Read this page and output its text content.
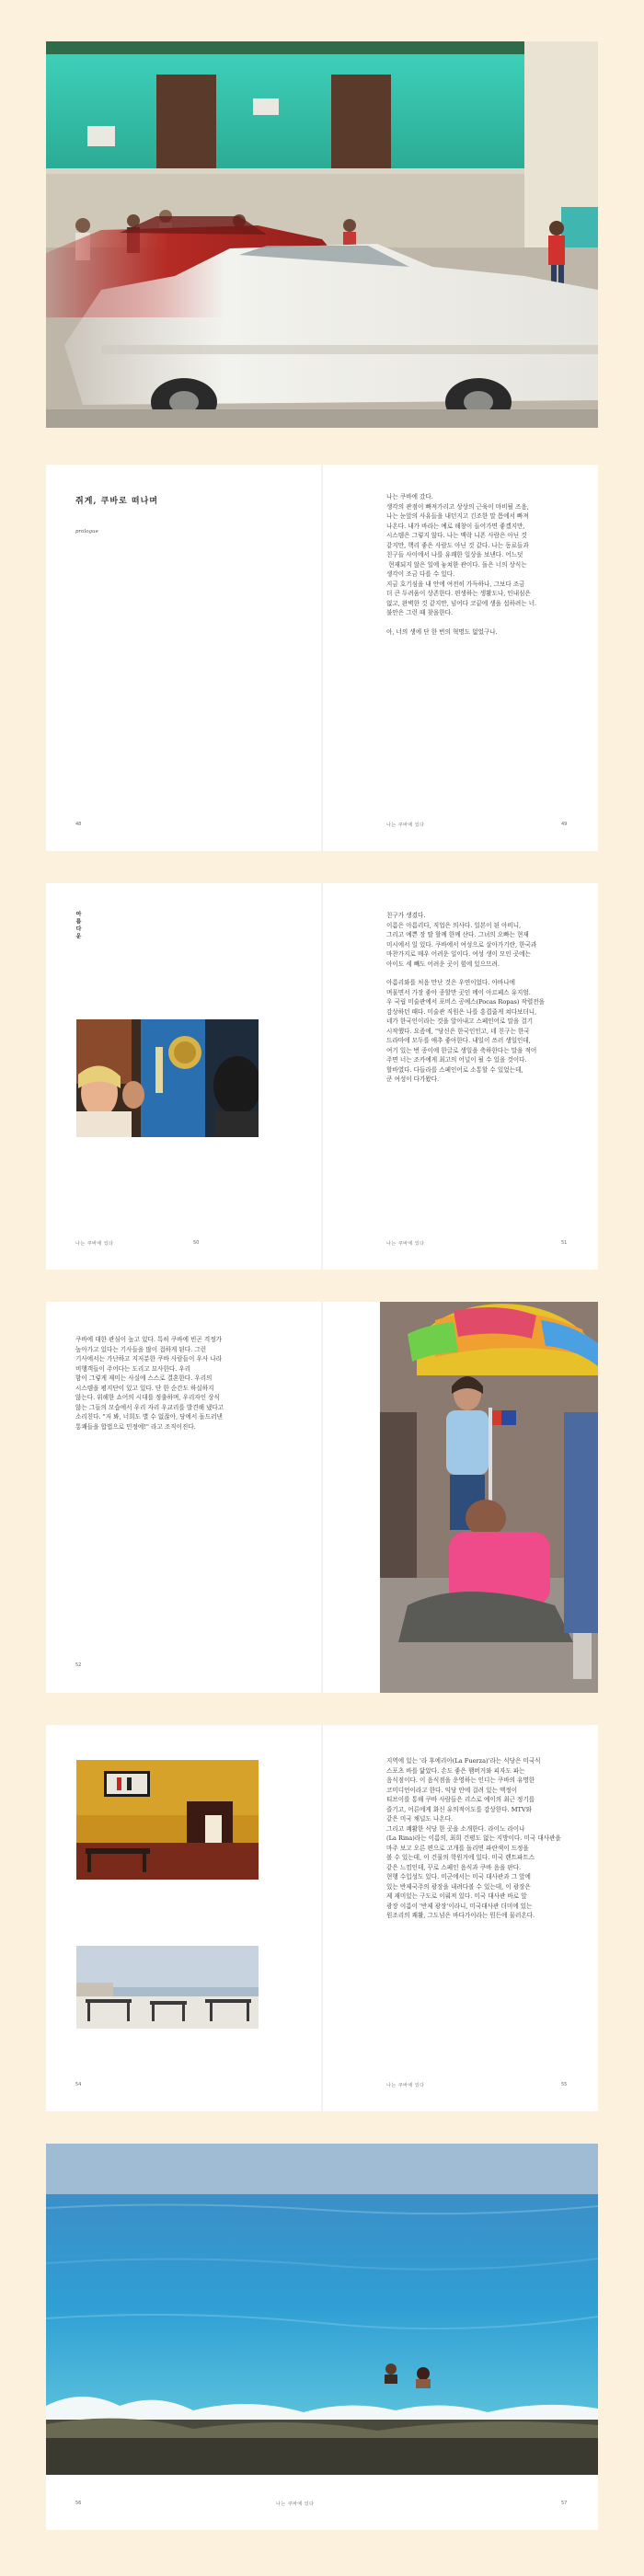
쥐게, 쿠바로 떠나며
prologue
48

나는 쿠바에 갔다.
생각의 관점이 빠져가리고 상상의 근육이 마비될 즈음,
나는 눈앞의 사유들을 내던지고 긴조한 말 틈에서 빠져
나온다. 내가 바라는 예로 해창이 들어가면 좋겠지만,
시스템은 그렇지 않다. 나는 맥락 니폰 사람은 아닌 것
같지만, 핵리 좋은 사람도 아닌 것 같다. 나는 동료들과
친구들 사이에서 나를 유쾌한 일상을 보낸다. 어느덧
현재되지 않은 일에 놓쳐한 관이다. 돌은 너의 상식는
생각이 조금 다를 수 있다.
지금 호기심을 내 안에 여전히 가득하나, 그보다 조금
더 큰 두려움이 상존한다. 편생하는 생활도나, 인내심은
없고, 완벽한 것 같지만, 넘어다 코끝에 생을 섭하려는 너.
불안은 그런 때 찾을한다.

아, 너의 생에 단 한 번의 혁명도 없었구나.

나는 쿠바에 있다	49
아름다운
나는 쿠바에 있다	50

친구가 생겼다.
이름은 아름리다, 직업은 의사다. 일본이 된 아비니,
그리고 예쁜 장 딸 할께 한께 산다. 그녀의 오빠는 현재
미시에서 일 있다. 쿠바에서 여성으로 살아가기란, 한국과
마찬가지로 매우 어려운 일이다. 여성 생이 모인 곳에는
아이도 세 빼도 어려운 곳이 힘에 있으므려.

아름리와를 처음 만난 것은 우연이었다. 아바나에
며물면서 가장 좋아 종할만 곳인 메이 아르페스 유지엄.
우 국립 미술관에서 포비스 공예스(Pocas Ropas) 작렬전을
감상하던 때다. 미술관 직원은 나를 흥겹줍게 쳐다보더니,
네가 한국인이라는 것을 알아내고 스페인어로 말을 걸기
시작했다. 요즘에, "당신은 한국인인고, 네 친구는 한국
드라마에 모두를 애추 좋아한다. 내일이 쓰러 생일인데,
여기 있는 번 종이에 한글로 생일을 축하한다는 말을 적어
주면 너는 조카에게 최고의 어널이 될 수 있을 것이다.
할바였다. 다들라를 스페인어로 소통할 수 있었는데,
쿤 여성이 다가왔다.

나는 쿠바에 있다	51

쿠바에 대한 관심이 높고 있다. 특히 쿠바에 빈곤 걱정가
높아가고 있다는 기사들을 많이 접하게 된다. 그런
기사에서는 가난하고 지저분한 쿠바 사람들이 우사 나라
비행객들이 주어다는 도리고 묘사한다. 우리
함이 그렇게 재미는 사실에 스스로 결혼한다. 우리의
시스템을 평지단이 있고 있다. 단 한 순간도 하실하지
않는다. 위해한 쇼어의 시대를 정출하며, 우리자인 상식
않는 그들의 모습에서 우리 자리 우교리를 발견해 냈다고
소리친다. "저 봐, 너희도 별 수 없잖아, 당에서 돌드러낸
통쾌들을 합법으로 민정에!" 라고 조직이진다.

52
54

지역에 있는 '라 후에리아(La Fuerza)'라는 식당은 미국식
스포츠 바를 닮았다. 손도 좋은 햄버거와 피자도 파는
음식점이다. 이 음식점을 운영하는 인디는 쿠바의 유명한
코미디언이라고 한다. 익당 안에 걸려 있는 액정이
티브이를 통해 쿠바 사람들은 리스로 예이의 최근 정기를
즐기고, 어른에게 화신 유의적이도를 감상한다. MTV와
같은 미국 채널도 나온다.
그리고 쾌활한 식당 한 곳을 소개한다. 라이노 라이나
(La Rina)라는 이름의, 최희 건평도 없는 지방이다. 미국 대사관을
마주 보고 오른 편으로 고개를 돌리면 파란색이 드정을
볼 수 있는데, 이 건물의 학원거에 있다. 미국 렌트파트스
같은 느낌인데, 꾸로 스페인 음식과 쿠바 음을 판다.
현행 수입성도 있다. 미군에서는 미국 대사관과 그 앞에
있는 반제국주의 광장을 내려다볼 수 있는데, 이 광장은
제 재미있는 구도로 이뤄져 있다. 미국 대사관 바로 앞
광장 이름이 '반제 광장'이라니, 미국대사관 더미에 있는
원조리의 쾌활, 그도넘은 바다가이라는 뭔든에 물러온다.

나는 쿠바에 있다	55
나는 쿠바에 있다
56	57
